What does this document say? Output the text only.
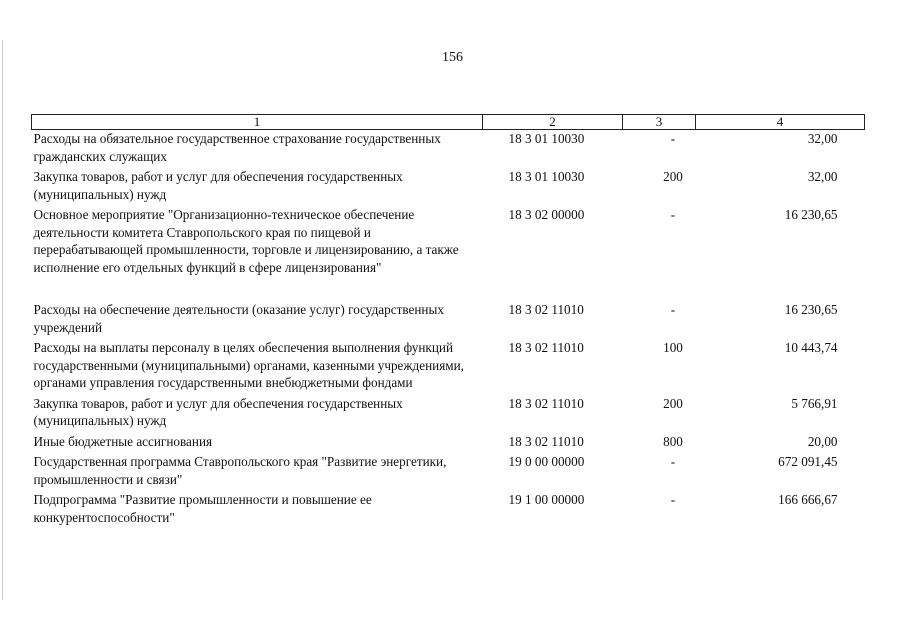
156
1	2	3	4
Расходы на обязательное государственное страхование государственных гражданских служащих	18 3 01 10030	-	32,00
Закупка товаров, работ и услуг для обеспечения государственных (муниципальных) нужд	18 3 01 10030	200	32,00
Основное мероприятие "Организационно-техническое обеспечение деятельности комитета Ставропольского края по пищевой и перерабатывающей промышленности, торговле и лицензированию, а также исполнение его отдельных функций в сфере лицензирования"	18 3 02 00000	-	16 230,65
Расходы на обеспечение деятельности (оказание услуг) государственных учреждений	18 3 02 11010	-	16 230,65
Расходы на выплаты персоналу в целях обеспечения выполнения функций государственными (муниципальными) органами, казенными учреждениями, органами управления государственными внебюджетными фондами	18 3 02 11010	100	10 443,74
Закупка товаров, работ и услуг для обеспечения государственных (муниципальных) нужд	18 3 02 11010	200	5 766,91
Иные бюджетные ассигнования	18 3 02 11010	800	20,00
Государственная программа Ставропольского края "Развитие энергетики, промышленности и связи"	19 0 00 00000	-	672 091,45
Подпрограмма "Развитие промышленности и повышение ее конкурентоспособности"	19 1 00 00000	-	166 666,67
